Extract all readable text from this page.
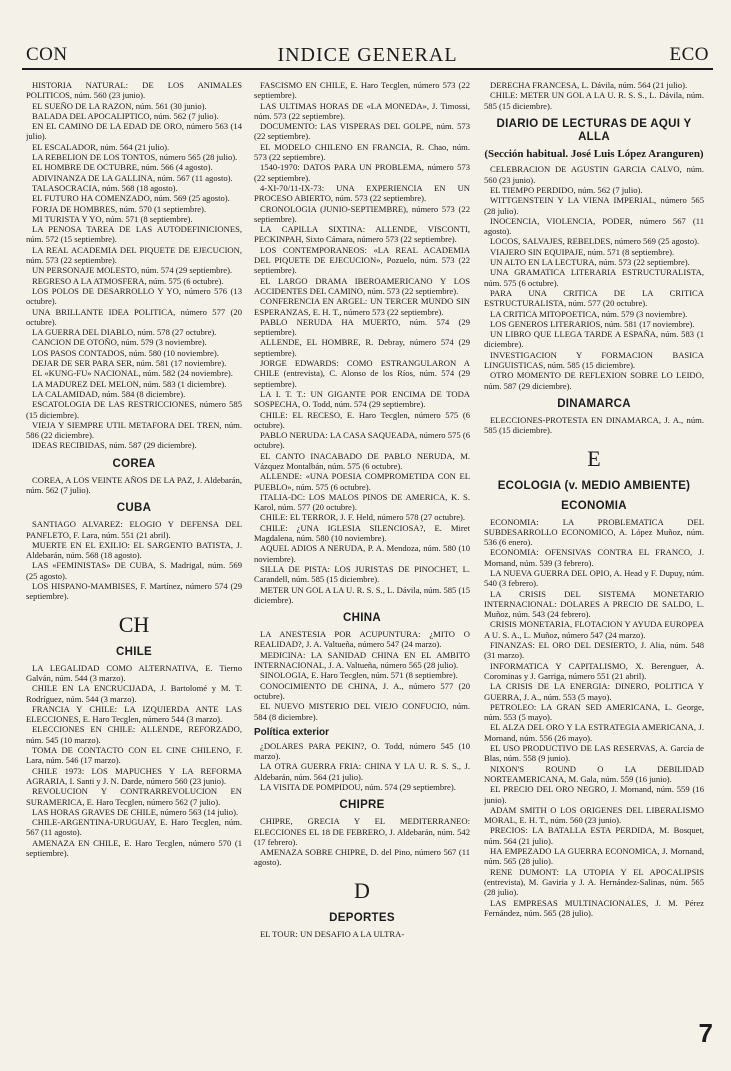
CON	INDICE GENERAL	ECO

HISTORIA NATURAL: DE LOS ANIMALES POLITICOS, núm. 560 (23 junio).

EL SUEÑO DE LA RAZON, núm. 561 (30 junio).

BALADA DEL APOCALIPTICO, núm. 562 (7 julio).

EN EL CAMINO DE LA EDAD DE ORO, número 563 (14 julio).

EL ESCALADOR, núm. 564 (21 julio).

LA REBELION DE LOS TONTOS, número 565 (28 julio).

EL HOMBRE DE OCTUBRE, núm. 566 (4 agosto).

ADIVINANZA DE LA GALLINA, núm. 567 (11 agosto).

TALASOCRACIA, núm. 568 (18 agosto).

EL FUTURO HA COMENZADO, núm. 569 (25 agosto).

FORJA DE HOMBRES, núm. 570 (1 septiembre).

MI TURISTA Y YO, núm. 571 (8 septiembre).

LA PENOSA TAREA DE LAS AUTODEFINICIONES, núm. 572 (15 septiembre).

LA REAL ACADEMIA DEL PIQUETE DE EJECUCION, núm. 573 (22 septiembre).

UN PERSONAJE MOLESTO, núm. 574 (29 septiembre).

REGRESO A LA ATMOSFERA, núm. 575 (6 octubre).

LOS POLOS DE DESARROLLO Y YO, número 576 (13 octubre).

UNA BRILLANTE IDEA POLITICA, número 577 (20 octubre).

LA GUERRA DEL DIABLO, núm. 578 (27 octubre).

CANCION DE OTOÑO, núm. 579 (3 noviembre).

LOS PASOS CONTADOS, núm. 580 (10 noviembre).

DEJAR DE SER PARA SER, núm. 581 (17 noviembre).

EL «KUNG-FU» NACIONAL, núm. 582 (24 noviembre).

LA MADUREZ DEL MELON, núm. 583 (1 diciembre).

LA CALAMIDAD, núm. 584 (8 diciembre).

ESCATOLOGIA DE LAS RESTRICCIONES, número 585 (15 diciembre).

VIEJA Y SIEMPRE UTIL METAFORA DEL TREN, núm. 586 (22 diciembre).

IDEAS RECIBIDAS, núm. 587 (29 diciembre).

COREA

COREA, A LOS VEINTE AÑOS DE LA PAZ, J. Aldebarán, núm. 562 (7 julio).

CUBA

SANTIAGO ALVAREZ: ELOGIO Y DEFENSA DEL PANFLETO, F. Lara, núm. 551 (21 abril).

MUERTE EN EL EXILIO: EL SARGENTO BATISTA, J. Aldebarán, núm. 568 (18 agosto).

LAS «FEMINISTAS» DE CUBA, S. Madrigal, núm. 569 (25 agosto).

LOS HISPANO-MAMBISES, F. Martínez, número 574 (29 septiembre).

CH
CHILE

LA LEGALIDAD COMO ALTERNATIVA, E. Tierno Galván, núm. 544 (3 marzo).

CHILE EN LA ENCRUCIJADA, J. Bartolomé y M. T. Rodríguez, núm. 544 (3 marzo).

FRANCIA Y CHILE: LA IZQUIERDA ANTE LAS ELECCIONES, E. Haro Tecglen, número 544 (3 marzo).

ELECCIONES EN CHILE: ALLENDE, REFORZADO, núm. 545 (10 marzo).

TOMA DE CONTACTO CON EL CINE CHILENO, F. Lara, núm. 546 (17 marzo).

CHILE 1973: LOS MAPUCHES Y LA REFORMA AGRARIA, I. Santi y J. N. Darde, número 560 (23 junio).

REVOLUCION Y CONTRARREVOLUCION EN SURAMERICA, E. Haro Tecglen, número 562 (7 julio).

LAS HORAS GRAVES DE CHILE, número 563 (14 julio).

CHILE-ARGENTINA-URUGUAY, E. Haro Tecglen, núm. 567 (11 agosto).

AMENAZA EN CHILE, E. Haro Tecglen, número 570 (1 septiembre).

FASCISMO EN CHILE, E. Haro Tecglen, número 573 (22 septiembre).

LAS ULTIMAS HORAS DE «LA MONEDA», J. Timossi, núm. 573 (22 septiembre).

DOCUMENTO: LAS VISPERAS DEL GOLPE, núm. 573 (22 septiembre).

EL MODELO CHILENO EN FRANCIA, R. Chao, núm. 573 (22 septiembre).

1540-1970: DATOS PARA UN PROBLEMA, número 573 (22 septiembre).

4-XI-70/11-IX-73: UNA EXPERIENCIA EN UN PROCESO ABIERTO, núm. 573 (22 septiembre).

CRONOLOGIA (JUNIO-SEPTIEMBRE), número 573 (22 septiembre).

LA CAPILLA SIXTINA: ALLENDE, VISCONTI, PECKINPAH, Sixto Cámara, número 573 (22 septiembre).

LOS CONTEMPORANEOS: «LA REAL ACADEMIA DEL PIQUETE DE EJECUCION», Pozuelo, núm. 573 (22 septiembre).

EL LARGO DRAMA IBEROAMERICANO Y LOS ACCIDENTES DEL CAMINO, núm. 573 (22 septiembre).

CONFERENCIA EN ARGEL: UN TERCER MUNDO SIN ESPERANZAS, E. H. T., número 573 (22 septiembre).

PABLO NERUDA HA MUERTO, núm. 574 (29 septiembre).

ALLENDE, EL HOMBRE, R. Debray, número 574 (29 septiembre).

JORGE EDWARDS: COMO ESTRANGULARON A CHILE (entrevista), C. Alonso de los Ríos, núm. 574 (29 septiembre).

LA I. T. T.: UN GIGANTE POR ENCIMA DE TODA SOSPECHA, O. Todd, núm. 574 (29 septiembre).

CHILE: EL RECESO, E. Haro Tecglen, número 575 (6 octubre).

PABLO NERUDA: LA CASA SAQUEADA, número 575 (6 octubre).

EL CANTO INACABADO DE PABLO NERUDA, M. Vázquez Montalbán, núm. 575 (6 octubre).

ALLENDE: «UNA POESIA COMPROMETIDA CON EL PUEBLO», núm. 575 (6 octubre).

ITALIA-DC: LOS MALOS PINOS DE AMERICA, K. S. Karol, núm. 577 (20 octubre).

CHILE: EL TERROR, J. F. Held, número 578 (27 octubre).

CHILE: ¿UNA IGLESIA SILENCIOSA?, E. Miret Magdalena, núm. 580 (10 noviembre).

AQUEL ADIOS A NERUDA, P. A. Mendoza, núm. 580 (10 noviembre).

SILLA DE PISTA: LOS JURISTAS DE PINOCHET, L. Carandell, núm. 585 (15 diciembre).

METER UN GOL A LA U. R. S. S., L. Dávila, núm. 585 (15 diciembre).

CHINA

LA ANESTESIA POR ACUPUNTURA: ¿MITO O REALIDAD?, J. A. Valtueña, número 547 (24 marzo).

MEDICINA: LA SANIDAD CHINA EN EL AMBITO INTERNACIONAL, J. A. Valtueña, número 565 (28 julio).

SINOLOGIA, E. Haro Tecglen, núm. 571 (8 septiembre).

CONOCIMIENTO DE CHINA, J. A., número 577 (20 octubre).

EL NUEVO MISTERIO DEL VIEJO CONFUCIO, núm. 584 (8 diciembre).

Política exterior

¿DOLARES PARA PEKIN?, O. Todd, número 545 (10 marzo).

LA OTRA GUERRA FRIA: CHINA Y LA U. R. S. S., J. Aldebarán, núm. 564 (21 julio).

LA VISITA DE POMPIDOU, núm. 574 (29 septiembre).

CHIPRE

CHIPRE, GRECIA Y EL MEDITERRANEO: ELECCIONES EL 18 DE FEBRERO, J. Aldebarán, núm. 542 (17 febrero).

AMENAZA SOBRE CHIPRE, D. del Pino, número 567 (11 agosto).

D
DEPORTES

EL TOUR: UN DESAFIO A LA ULTRA-

DERECHA FRANCESA, L. Dávila, núm. 564 (21 julio).

CHILE: METER UN GOL A LA U. R. S. S., L. Dávila, núm. 585 (15 diciembre).

DIARIO DE LECTURAS DE AQUI Y ALLA
(Sección habitual. José Luis López Aranguren)

CELEBRACION DE AGUSTIN GARCIA CALVO, núm. 560 (23 junio).

EL TIEMPO PERDIDO, núm. 562 (7 julio).

WITTGENSTEIN Y LA VIENA IMPERIAL, número 565 (28 julio).

INOCENCIA, VIOLENCIA, PODER, número 567 (11 agosto).

LOCOS, SALVAJES, REBELDES, número 569 (25 agosto).

VIAJERO SIN EQUIPAJE, núm. 571 (8 septiembre).

UN ALTO EN LA LECTURA, núm. 573 (22 septiembre).

UNA GRAMATICA LITERARIA ESTRUCTURALISTA, núm. 575 (6 octubre).

PARA UNA CRITICA DE LA CRITICA ESTRUCTURALISTA, núm. 577 (20 octubre).

LA CRITICA MITOPOETICA, núm. 579 (3 noviembre).

LOS GENEROS LITERARIOS, núm. 581 (17 noviembre).

UN LIBRO QUE LLEGA TARDE A ESPAÑA, núm. 583 (1 diciembre).

INVESTIGACION Y FORMACION BASICA LINGUISTICAS, núm. 585 (15 diciembre).

OTRO MOMENTO DE REFLEXION SOBRE LO LEIDO, núm. 587 (29 diciembre).

DINAMARCA

ELECCIONES-PROTESTA EN DINAMARCA, J. A., núm. 585 (15 diciembre).

E
ECOLOGIA (v. MEDIO AMBIENTE)
ECONOMIA

ECONOMIA: LA PROBLEMATICA DEL SUBDESARROLLO ECONOMICO, A. López Muñoz, núm. 536 (6 enero).

ECONOMIA: OFENSIVAS CONTRA EL FRANCO, J. Mornand, núm. 539 (3 febrero).

LA NUEVA GUERRA DEL OPIO, A. Head y F. Dupuy, núm. 540 (3 febrero).

LA CRISIS DEL SISTEMA MONETARIO INTERNACIONAL: DOLARES A PRECIO DE SALDO, L. Muñoz, núm. 543 (24 febrero).

CRISIS MONETARIA, FLOTACION Y AYUDA EUROPEA A U. S. A., L. Muñoz, número 547 (24 marzo).

FINANZAS: EL ORO DEL DESIERTO, J. Alia, núm. 548 (31 marzo).

INFORMATICA Y CAPITALISMO, X. Berenguer, A. Corominas y J. Garriga, número 551 (21 abril).

LA CRISIS DE LA ENERGIA: DINERO, POLITICA Y GUERRA, J. A., núm. 553 (5 mayo).

PETROLEO: LA GRAN SED AMERICANA, L. George, núm. 553 (5 mayo).

EL ALZA DEL ORO Y LA ESTRATEGIA AMERICANA, J. Mornand, núm. 556 (26 mayo).

EL USO PRODUCTIVO DE LAS RESERVAS, A. García de Blas, núm. 558 (9 junio).

NIXON'S ROUND O LA DEBILIDAD NORTEAMERICANA, M. Gala, núm. 559 (16 junio).

EL PRECIO DEL ORO NEGRO, J. Mornand, núm. 559 (16 junio).

ADAM SMITH O LOS ORIGENES DEL LIBERALISMO MORAL, E. H. T., núm. 560 (23 junio).

PRECIOS: LA BATALLA ESTA PERDIDA, M. Bosquet, núm. 564 (21 julio).

HA EMPEZADO LA GUERRA ECONOMICA, J. Mornand, núm. 565 (28 julio).

RENE DUMONT: LA UTOPIA Y EL APOCALIPSIS (entrevista), M. Gaviria y J. A. Hernández-Salinas, núm. 565 (28 julio).

LAS EMPRESAS MULTINACIONALES, J. M. Pérez Fernández, núm. 565 (28 julio).

7
